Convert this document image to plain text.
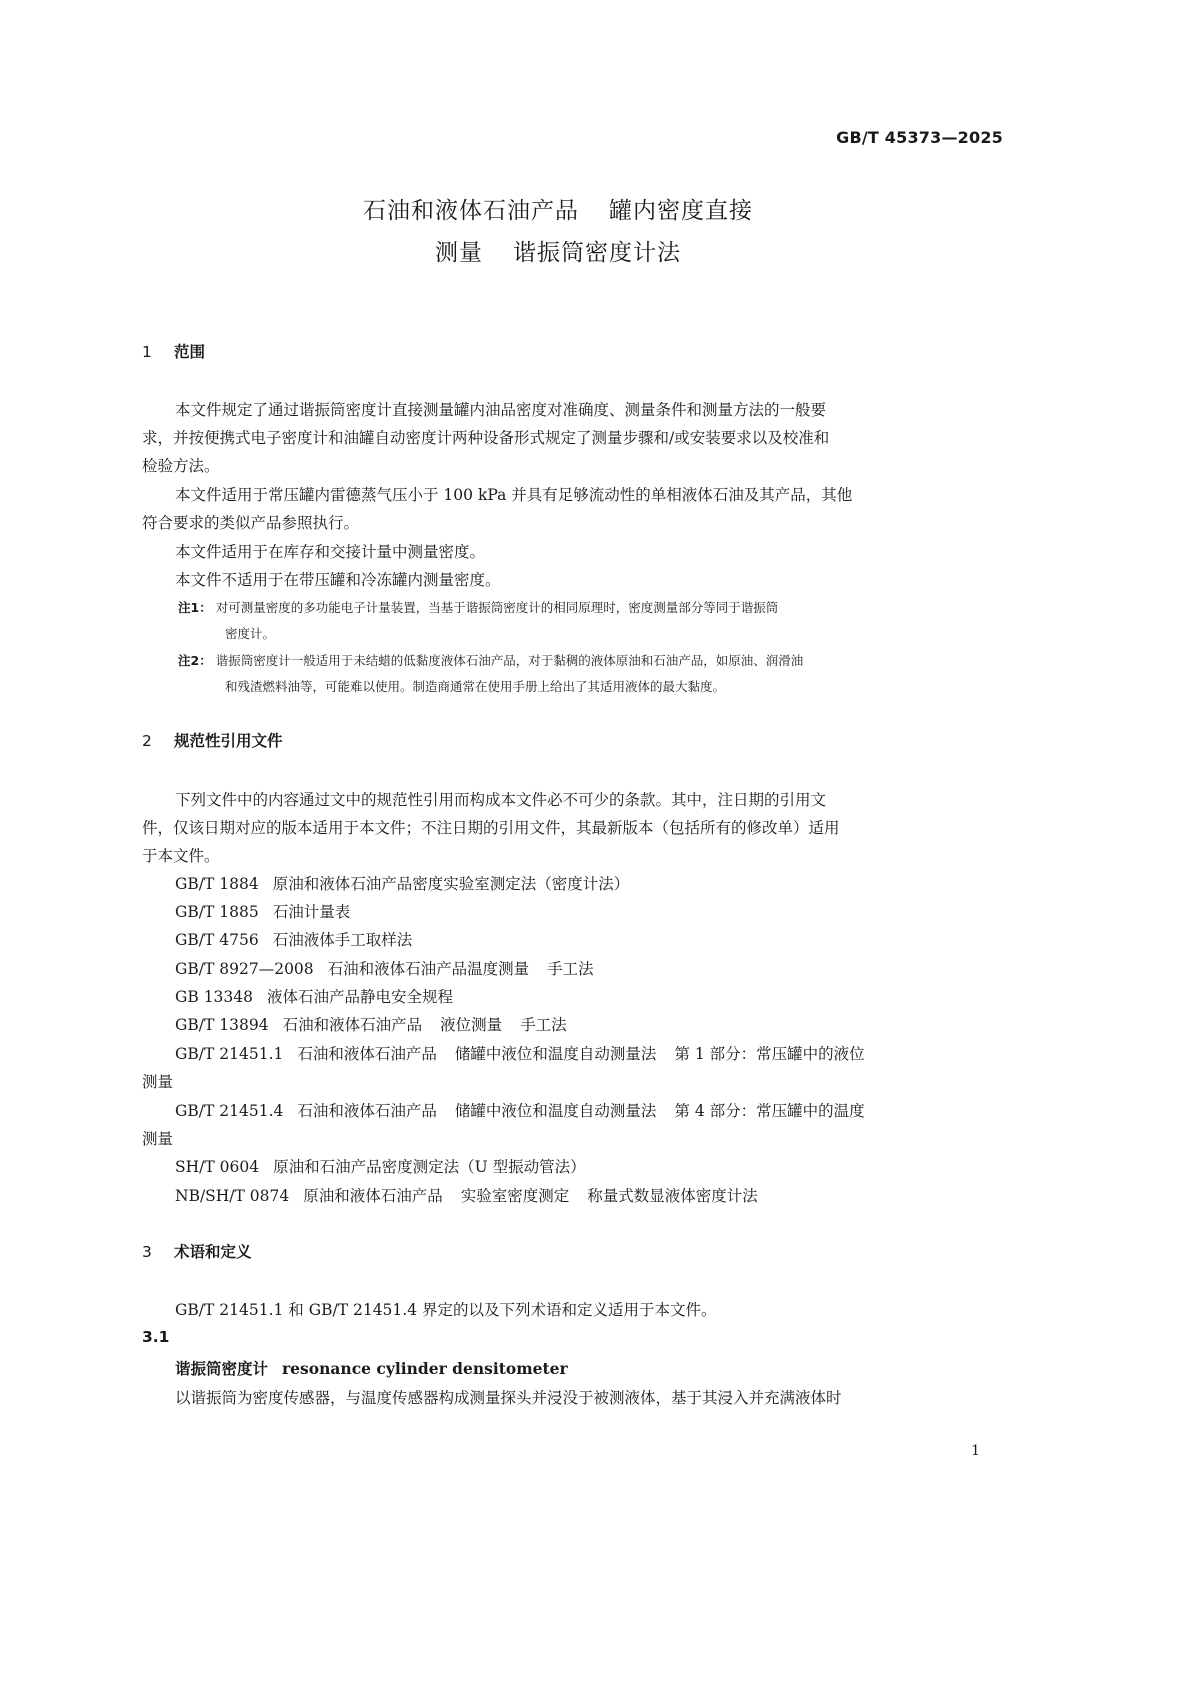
GB/T 45373—2025
石油和液体石油产品 罐内密度直接
测量 谐振筒密度计法
1 范围
本文件规定了通过谐振筒密度计直接测量罐内油品密度对准确度、测量条件和测量方法的一般要
求，并按便携式电子密度计和油罐自动密度计两种设备形式规定了测量步骤和/或安装要求以及校准和
检验方法。
本文件适用于常压罐内雷德蒸气压小于 100 kPa 并具有足够流动性的单相液体石油及其产品，其他
符合要求的类似产品参照执行。
本文件适用于在库存和交接计量中测量密度。
本文件不适用于在带压罐和冷冻罐内测量密度。
注1： 对可测量密度的多功能电子计量装置，当基于谐振筒密度计的相同原理时，密度测量部分等同于谐振筒
密度计。
注2： 谐振筒密度计一般适用于未结蜡的低黏度液体石油产品，对于黏稠的液体原油和石油产品，如原油、润滑油
和残渣燃料油等，可能难以使用。制造商通常在使用手册上给出了其适用液体的最大黏度。
2 规范性引用文件
下列文件中的内容通过文中的规范性引用而构成本文件必不可少的条款。其中，注日期的引用文
件，仅该日期对应的版本适用于本文件；不注日期的引用文件，其最新版本（包括所有的修改单）适用
于本文件。
GB/T 1884 原油和液体石油产品密度实验室测定法（密度计法）
GB/T 1885 石油计量表
GB/T 4756 石油液体手工取样法
GB/T 8927—2008 石油和液体石油产品温度测量 手工法
GB 13348 液体石油产品静电安全规程
GB/T 13894 石油和液体石油产品 液位测量 手工法
GB/T 21451.1 石油和液体石油产品 储罐中液位和温度自动测量法 第 1 部分：常压罐中的液位
测量
GB/T 21451.4 石油和液体石油产品 储罐中液位和温度自动测量法 第 4 部分：常压罐中的温度
测量
SH/T 0604 原油和石油产品密度测定法（U 型振动管法）
NB/SH/T 0874 原油和液体石油产品 实验室密度测定 称量式数显液体密度计法
3 术语和定义
GB/T 21451.1 和 GB/T 21451.4 界定的以及下列术语和定义适用于本文件。
3.1
谐振筒密度计 resonance cylinder densitometer
以谐振筒为密度传感器，与温度传感器构成测量探头并浸没于被测液体，基于其浸入并充满液体时
1
